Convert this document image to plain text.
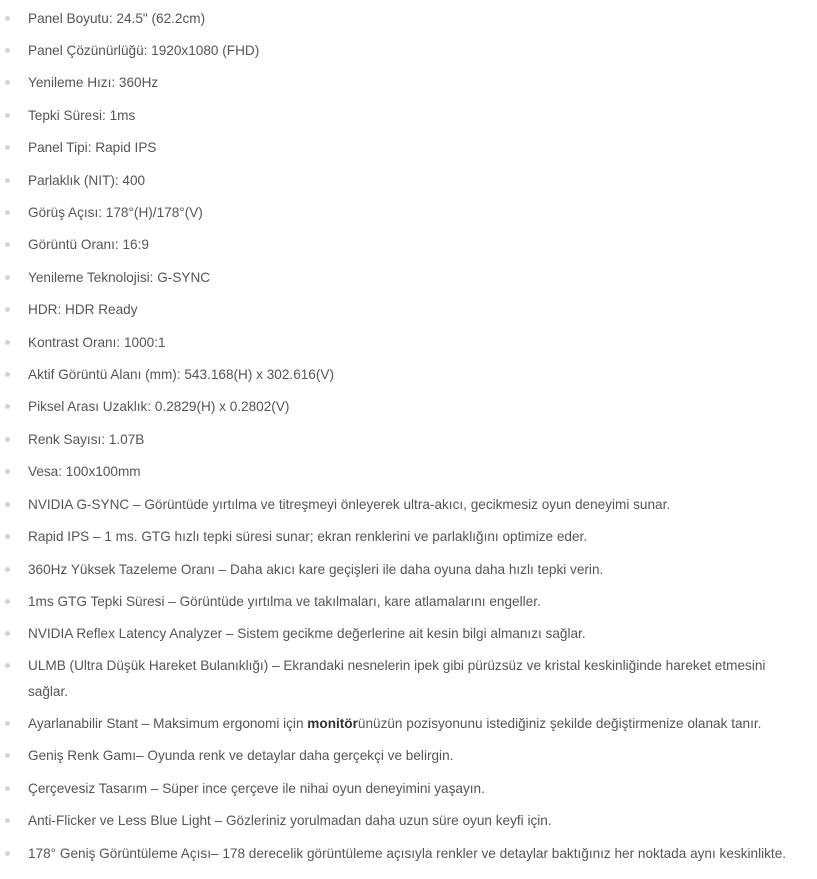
Panel Boyutu: 24.5" (62.2cm)
Panel Çözünürlüğü: 1920x1080 (FHD)
Yenileme Hızı: 360Hz
Tepki Süresi: 1ms
Panel Tipi: Rapid IPS
Parlaklık (NIT): 400
Görüş Açısı: 178°(H)/178°(V)
Görüntü Oranı: 16:9
Yenileme Teknolojisi: G-SYNC
HDR: HDR Ready
Kontrast Oranı: 1000:1
Aktif Görüntü Alanı (mm): 543.168(H) x 302.616(V)
Piksel Arası Uzaklık: 0.2829(H) x 0.2802(V)
Renk Sayısı: 1.07B
Vesa: 100x100mm
NVIDIA G-SYNC – Görüntüde yırtılma ve titreşmeyi önleyerek ultra-akıcı, gecikmesiz oyun deneyimi sunar.
Rapid IPS – 1 ms. GTG hızlı tepki süresi sunar; ekran renklerini ve parlaklığını optimize eder.
360Hz Yüksek Tazeleme Oranı – Daha akıcı kare geçişleri ile daha oyuna daha hızlı tepki verin.
1ms GTG Tepki Süresi – Görüntüde yırtılma ve takılmaları, kare atlamalarını engeller.
NVIDIA Reflex Latency Analyzer – Sistem gecikme değerlerine ait kesin bilgi almanızı sağlar.
ULMB (Ultra Düşük Hareket Bulanıklığı) – Ekrandaki nesnelerin ipek gibi pürüzsüz ve kristal keskinliğinde hareket etmesini sağlar.
Ayarlanabilir Stant – Maksimum ergonomi için monitörünüzün pozisyonunu istediğiniz şekilde değiştirmenize olanak tanır.
Geniş Renk Gamı– Oyunda renk ve detaylar daha gerçekçi ve belirgin.
Çerçevesiz Tasarım – Süper ince çerçeve ile nihai oyun deneyimini yaşayın.
Anti-Flicker ve Less Blue Light – Gözleriniz yorulmadan daha uzun süre oyun keyfi için.
178° Geniş Görüntüleme Açısı– 178 derecelik görüntüleme açısıyla renkler ve detaylar baktığınız her noktada aynı keskinlikte.
